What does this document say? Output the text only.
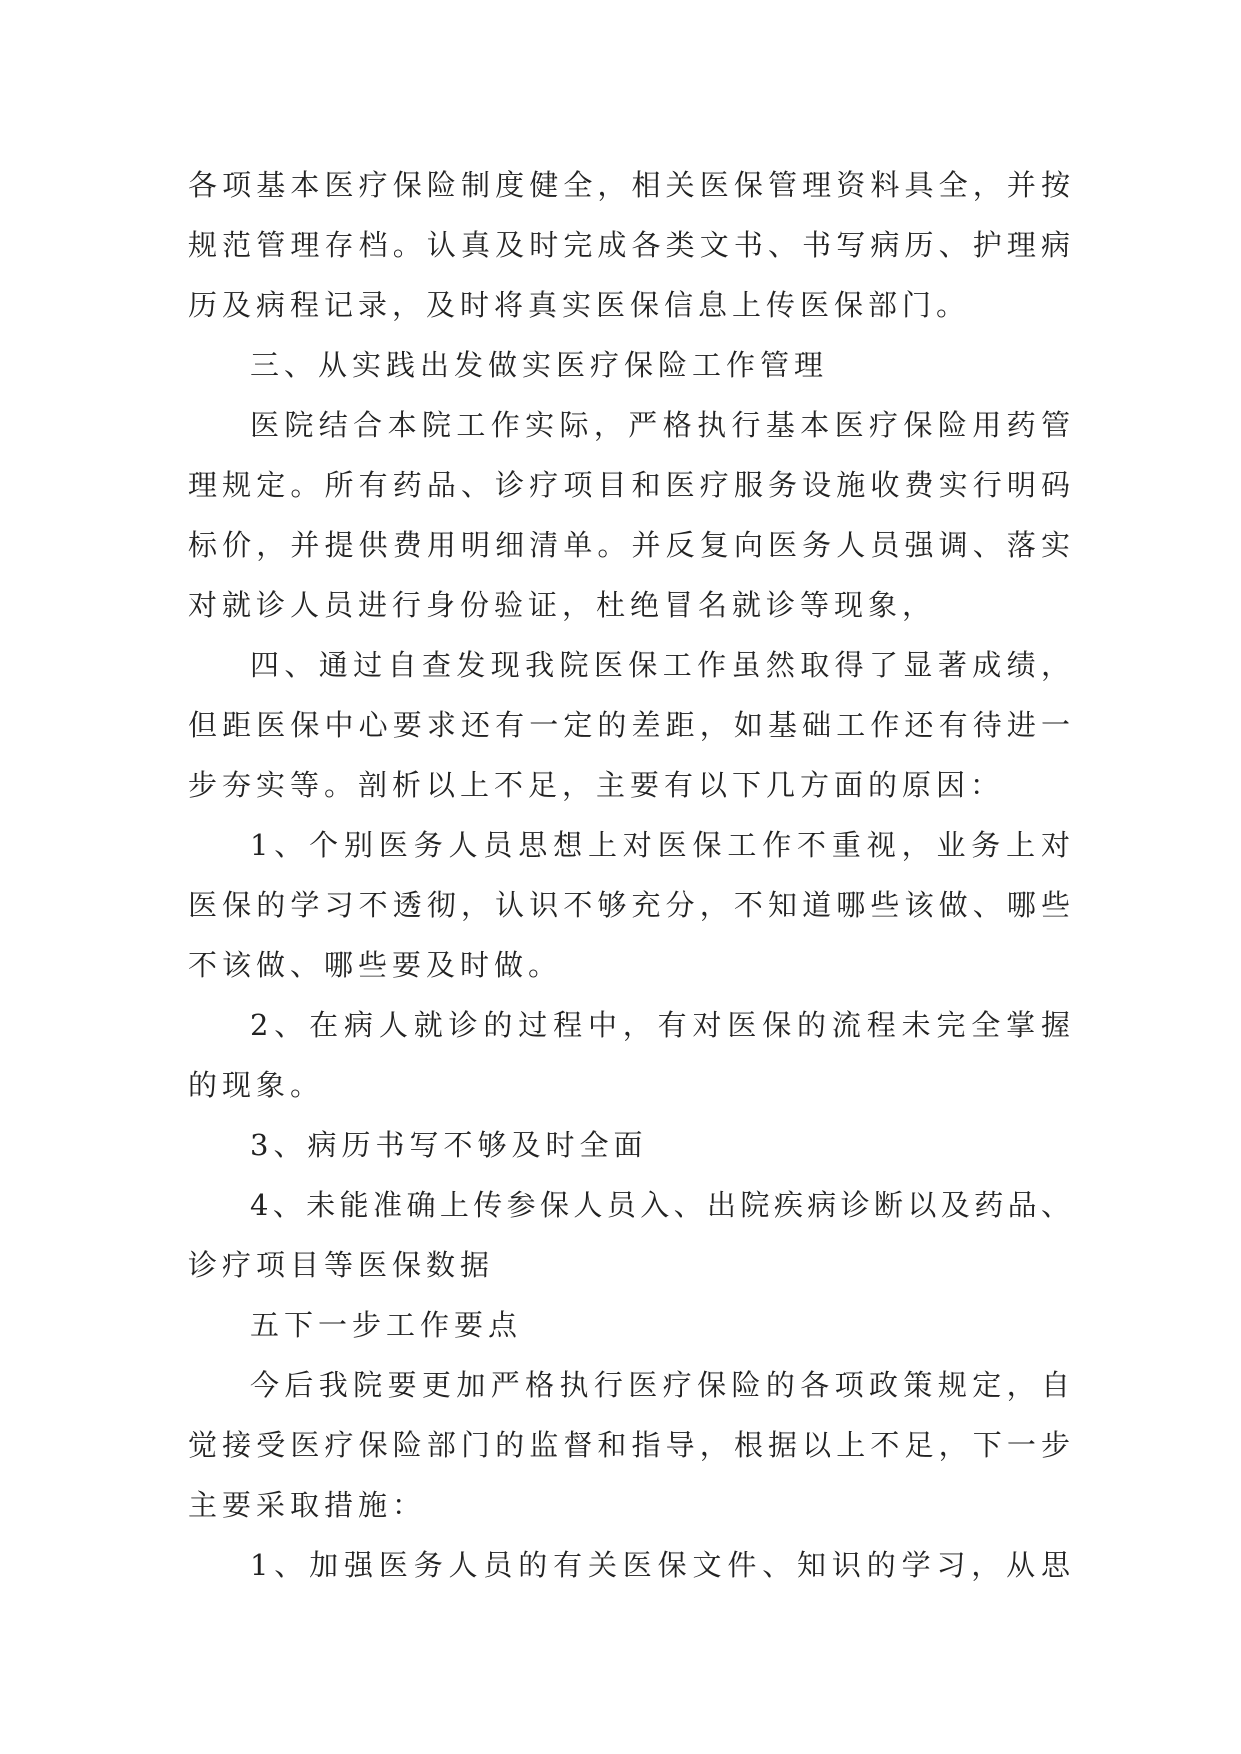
各项基本医疗保险制度健全，相关医保管理资料具全，并按
规范管理存档。认真及时完成各类文书、书写病历、护理病
历及病程记录，及时将真实医保信息上传医保部门。
三、从实践出发做实医疗保险工作管理
医院结合本院工作实际，严格执行基本医疗保险用药管
理规定。所有药品、诊疗项目和医疗服务设施收费实行明码
标价，并提供费用明细清单。并反复向医务人员强调、落实
对就诊人员进行身份验证，杜绝冒名就诊等现象，
四、通过自查发现我院医保工作虽然取得了显著成绩，
但距医保中心要求还有一定的差距，如基础工作还有待进一
步夯实等。剖析以上不足，主要有以下几方面的原因：
1、个别医务人员思想上对医保工作不重视，业务上对
医保的学习不透彻，认识不够充分，不知道哪些该做、哪些
不该做、哪些要及时做。
2、在病人就诊的过程中，有对医保的流程未完全掌握
的现象。
3、病历书写不够及时全面
4、未能准确上传参保人员入、出院疾病诊断以及药品、
诊疗项目等医保数据
五下一步工作要点
今后我院要更加严格执行医疗保险的各项政策规定，自
觉接受医疗保险部门的监督和指导，根据以上不足，下一步
主要采取措施：
1、加强医务人员的有关医保文件、知识的学习，从思
